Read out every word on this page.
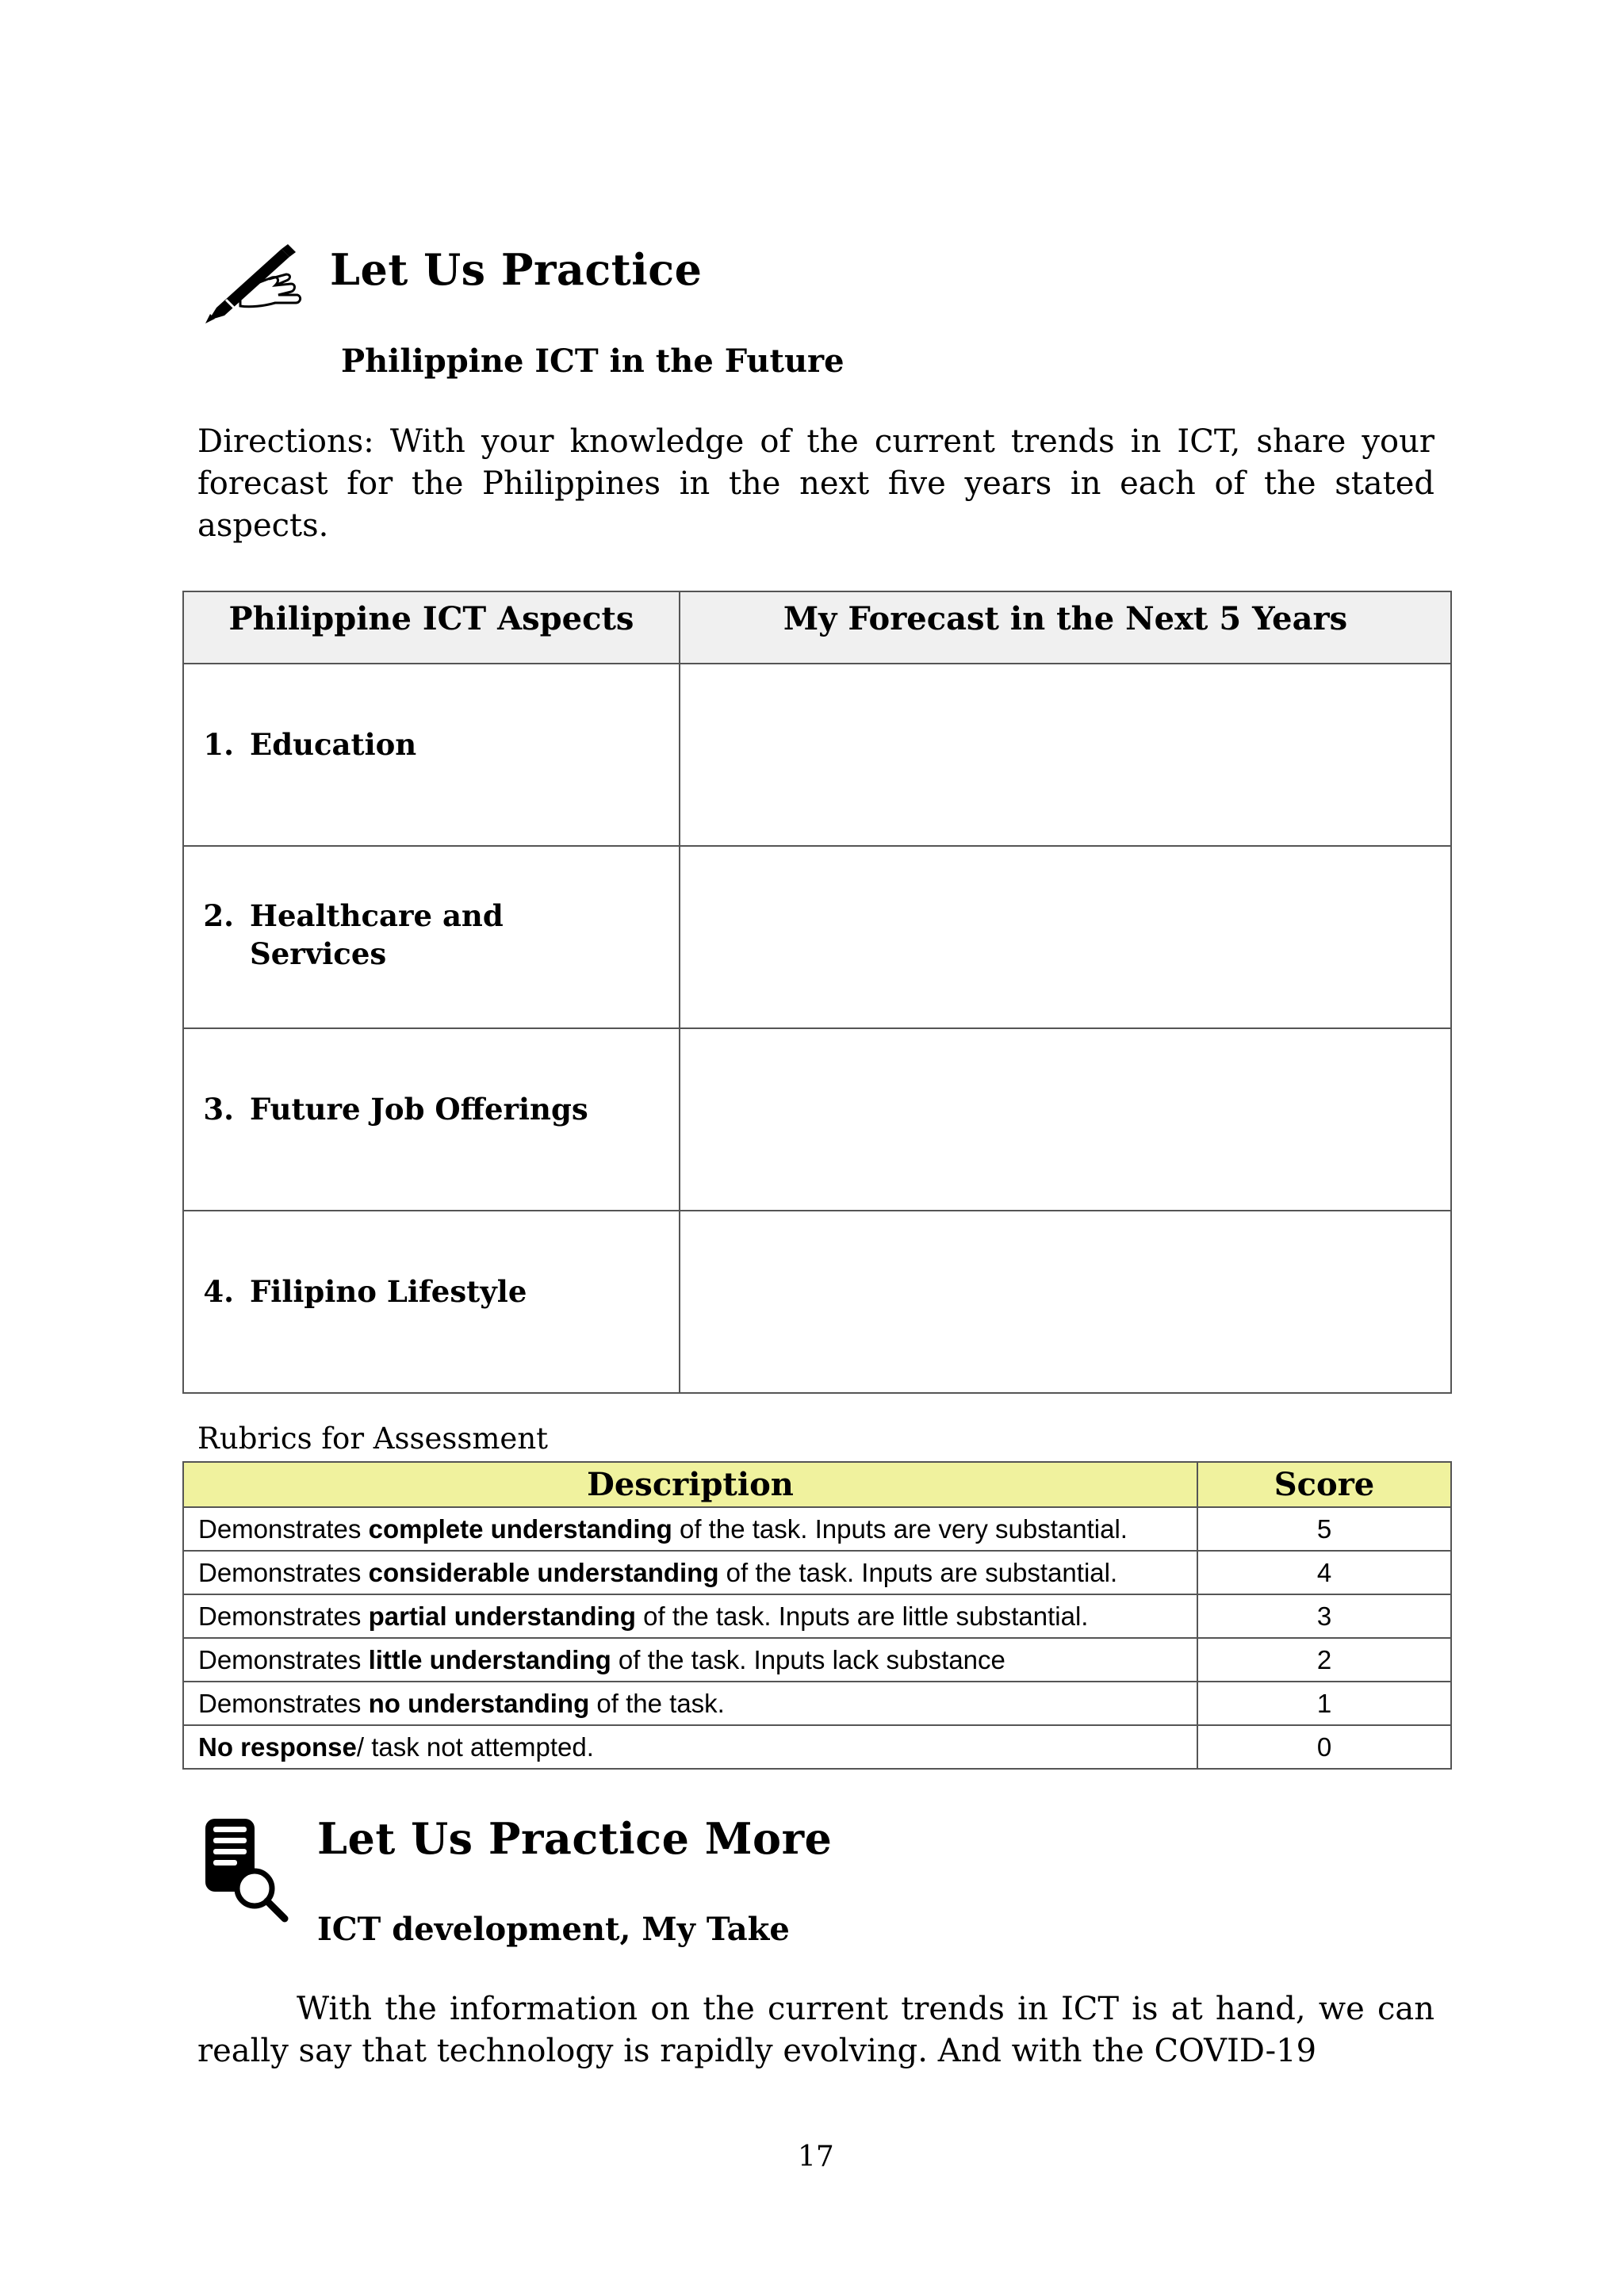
Let Us Practice
Philippine ICT in the Future
Directions: With your knowledge of the current trends in ICT, share your forecast for the Philippines in the next five years in each of the stated aspects.
Philippine ICT Aspects	My Forecast in the Next 5 Years

1. Education	

2. Healthcare and Services	

3. Future Job Offerings	

4. Filipino Lifestyle	

Rubrics for Assessment
Description	Score
Demonstrates complete understanding of the task. Inputs are very substantial.	5
Demonstrates considerable understanding of the task. Inputs are substantial.	4
Demonstrates partial understanding of the task. Inputs are little substantial.	3
Demonstrates little understanding of the task. Inputs lack substance	2
Demonstrates no understanding of the task.	1
No response/ task not attempted.	0
Let Us Practice More
ICT development, My Take
With the information on the current trends in ICT is at hand, we can really say that technology is rapidly evolving. And with the COVID-19
17
